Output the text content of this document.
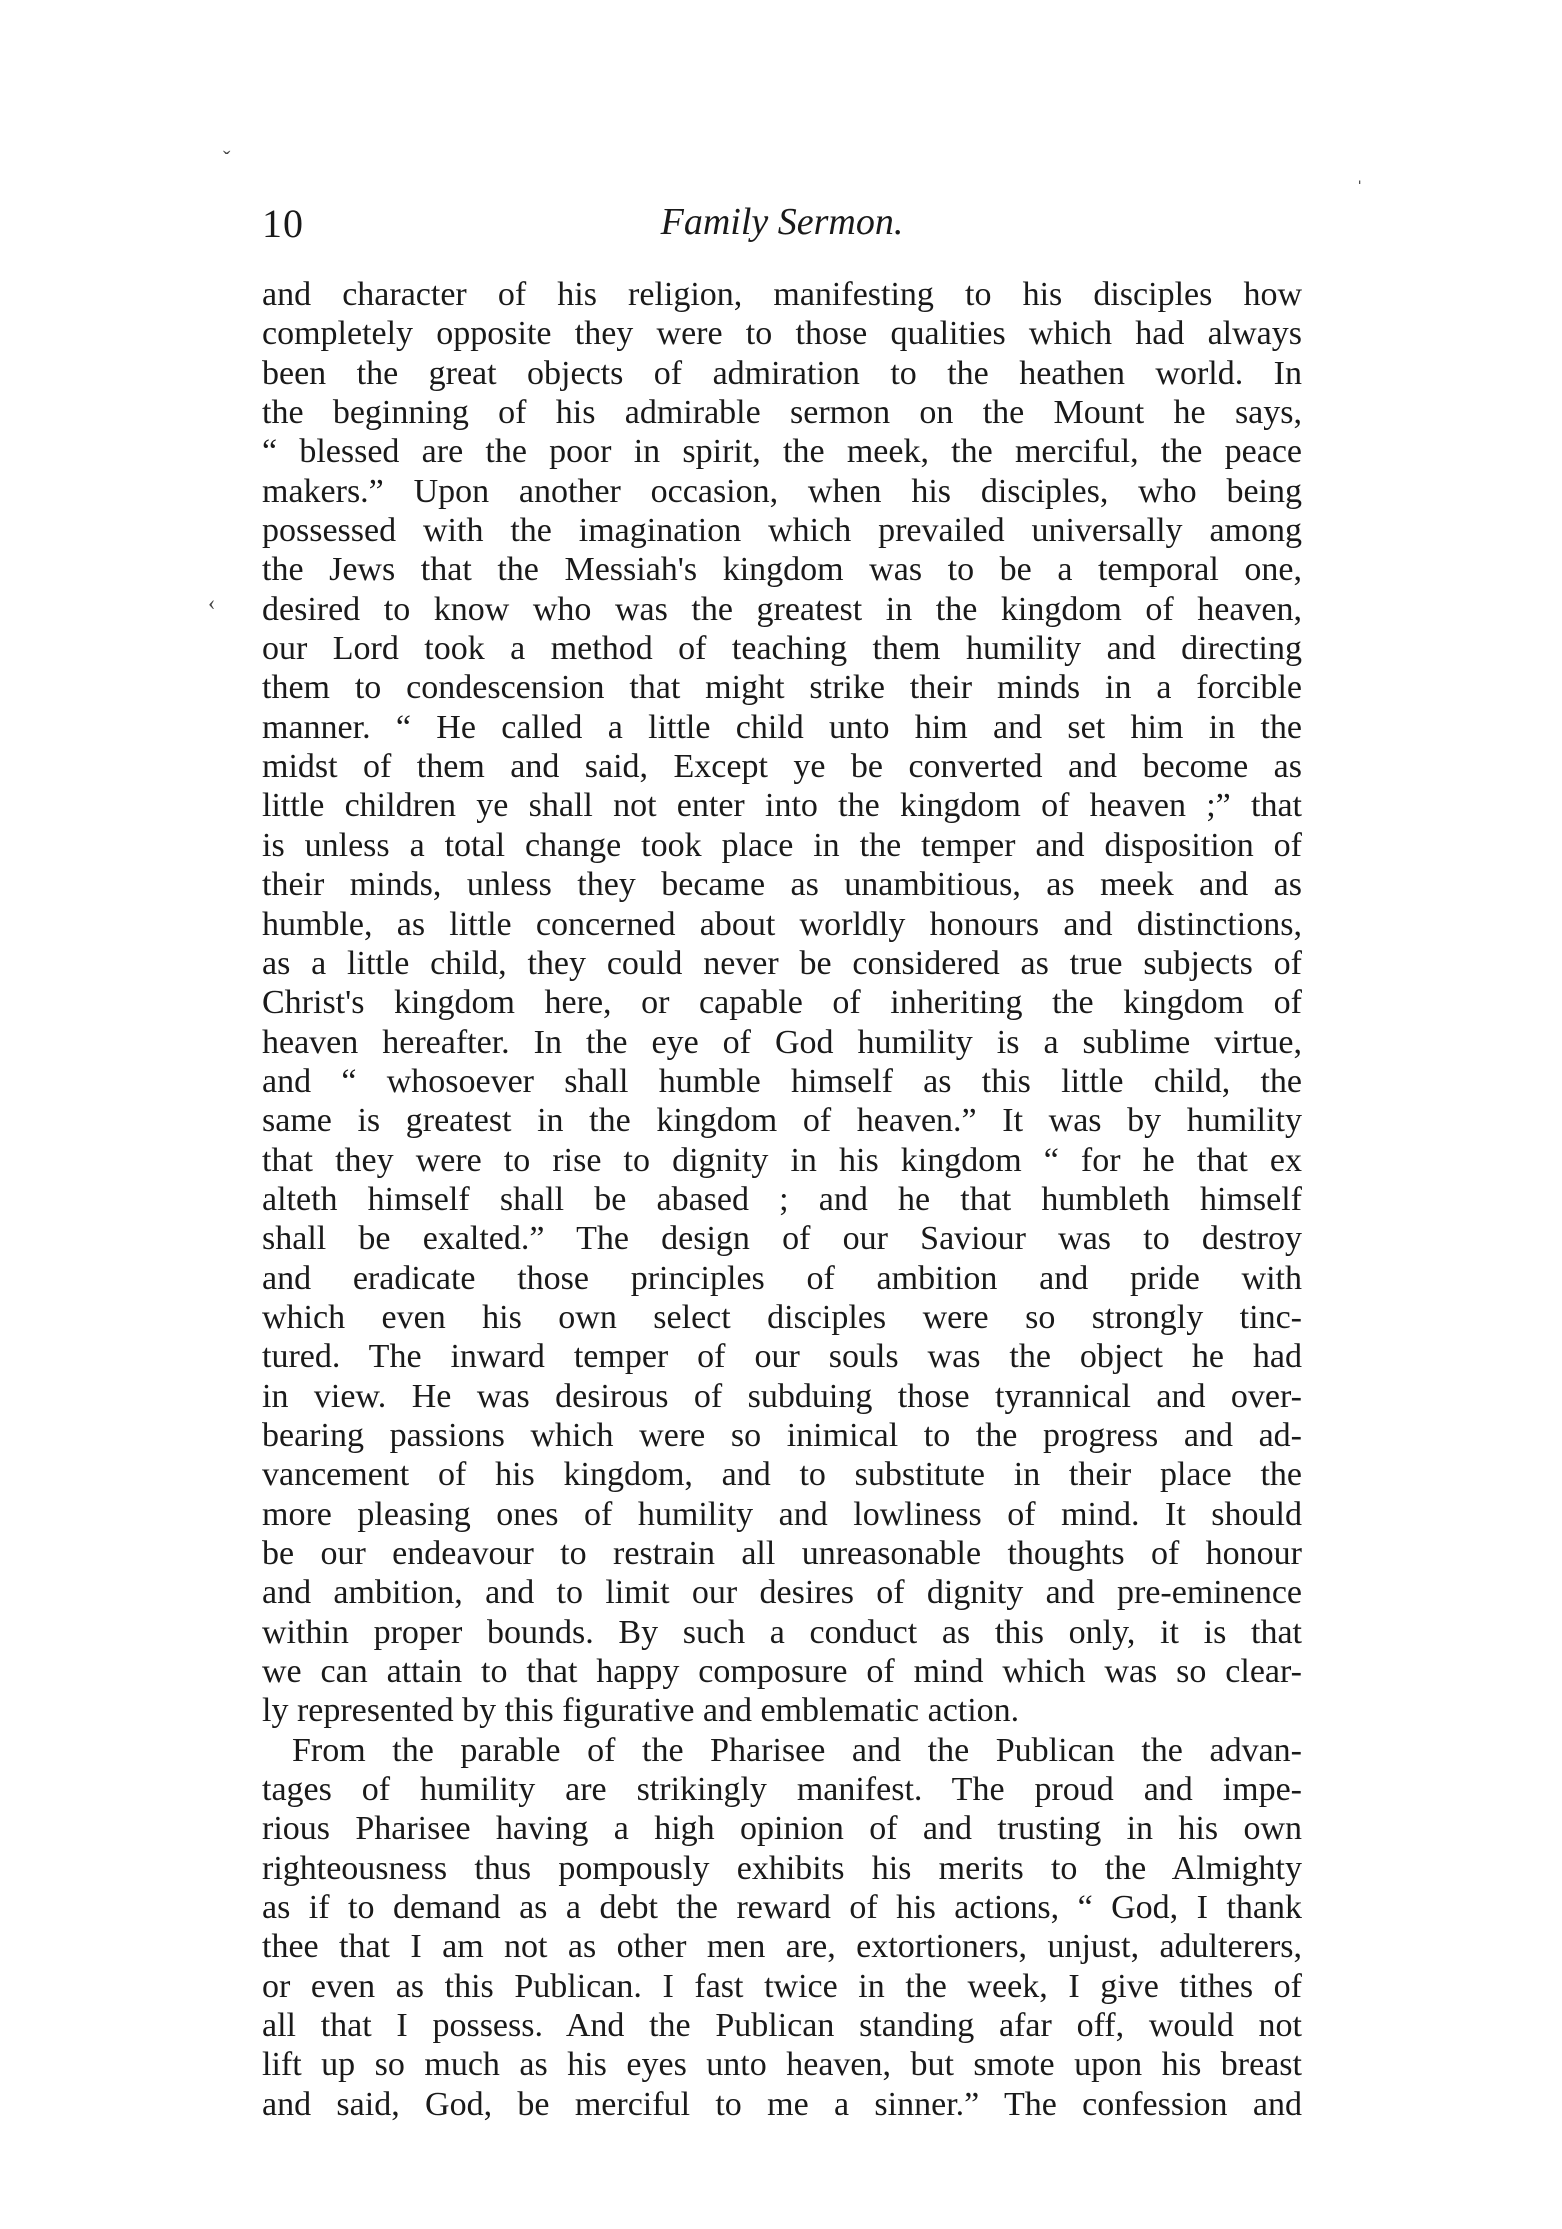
ˇ
‹
ˈ
10	Family Sermon.
and character of his religion, manifesting to his disciples how
completely opposite they were to those qualities which had always
been the great objects of admiration to the heathen world. In
the beginning of his admirable sermon on the Mount he says,
“ blessed are the poor in spirit, the meek, the merciful, the peace
makers.” Upon another occasion, when his disciples, who being
possessed with the imagination which prevailed universally among
the Jews that the Messiah's kingdom was to be a temporal one,
desired to know who was the greatest in the kingdom of heaven,
our Lord took a method of teaching them humility and directing
them to condescension that might strike their minds in a forcible
manner. “ He called a little child unto him and set him in the
midst of them and said, Except ye be converted and become as
little children ye shall not enter into the kingdom of heaven ;” that
is unless a total change took place in the temper and disposition of
their minds, unless they became as unambitious, as meek and as
humble, as little concerned about worldly honours and distinctions,
as a little child, they could never be considered as true subjects of
Christ's kingdom here, or capable of inheriting the kingdom of
heaven hereafter. In the eye of God humility is a sublime virtue,
and “ whosoever shall humble himself as this little child, the
same is greatest in the kingdom of heaven.” It was by humility
that they were to rise to dignity in his kingdom “ for he that ex
alteth himself shall be abased ; and he that humbleth himself
shall be exalted.” The design of our Saviour was to destroy
and eradicate those principles of ambition and pride with
which even his own select disciples were so strongly tinc-
tured. The inward temper of our souls was the object he had
in view. He was desirous of subduing those tyrannical and over-
bearing passions which were so inimical to the progress and ad-
vancement of his kingdom, and to substitute in their place the
more pleasing ones of humility and lowliness of mind. It should
be our endeavour to restrain all unreasonable thoughts of honour
and ambition, and to limit our desires of dignity and pre-eminence
within proper bounds. By such a conduct as this only, it is that
we can attain to that happy composure of mind which was so clear-
ly represented by this figurative and emblematic action.
From the parable of the Pharisee and the Publican the advan-
tages of humility are strikingly manifest. The proud and impe-
rious Pharisee having a high opinion of and trusting in his own
righteousness thus pompously exhibits his merits to the Almighty
as if to demand as a debt the reward of his actions, “ God, I thank
thee that I am not as other men are, extortioners, unjust, adulterers,
or even as this Publican. I fast twice in the week, I give tithes of
all that I possess. And the Publican standing afar off, would not
lift up so much as his eyes unto heaven, but smote upon his breast
and said, God, be merciful to me a sinner.” The confession and
